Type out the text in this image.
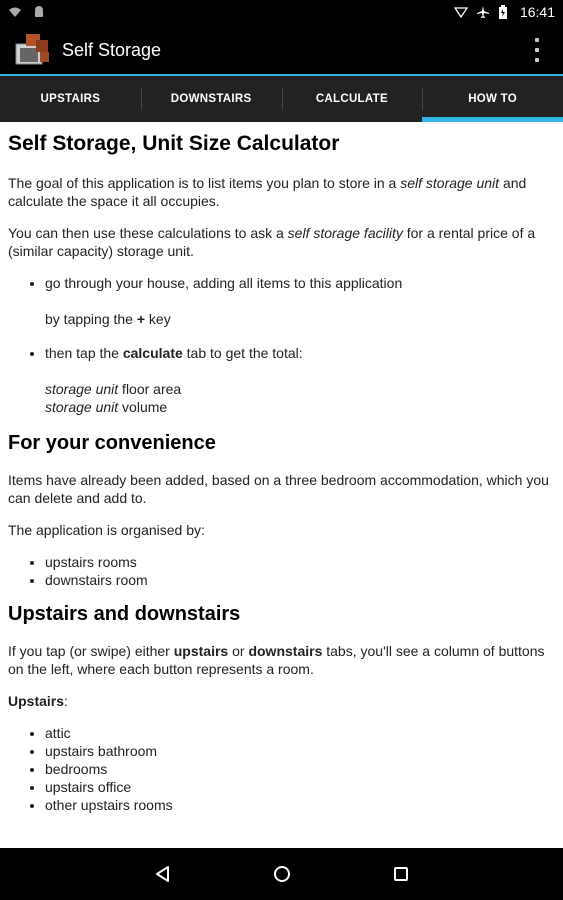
16:41
Self Storage
UPSTAIRS	DOWNSTAIRS	CALCULATE	HOW TO
Self Storage, Unit Size Calculator

The goal of this application is to list items you plan to store in a self storage unit and calculate the space it all occupies.

You can then use these calculations to ask a self storage facility for a rental price of a (similar capacity) storage unit.

• go through your house, adding all items to this application
by tapping the + key
• then tap the calculate tab to get the total:
storage unit floor area
storage unit volume
For your convenience

Items have already been added, based on a three bedroom accommodation, which you can delete and add to.

The application is organised by:

• upstairs rooms
• downstairs room
Upstairs and downstairs

If you tap (or swipe) either upstairs or downstairs tabs, you'll see a column of buttons on the left, where each button represents a room.

Upstairs:

• attic
• upstairs bathroom
• bedrooms
• upstairs office
• other upstairs rooms
